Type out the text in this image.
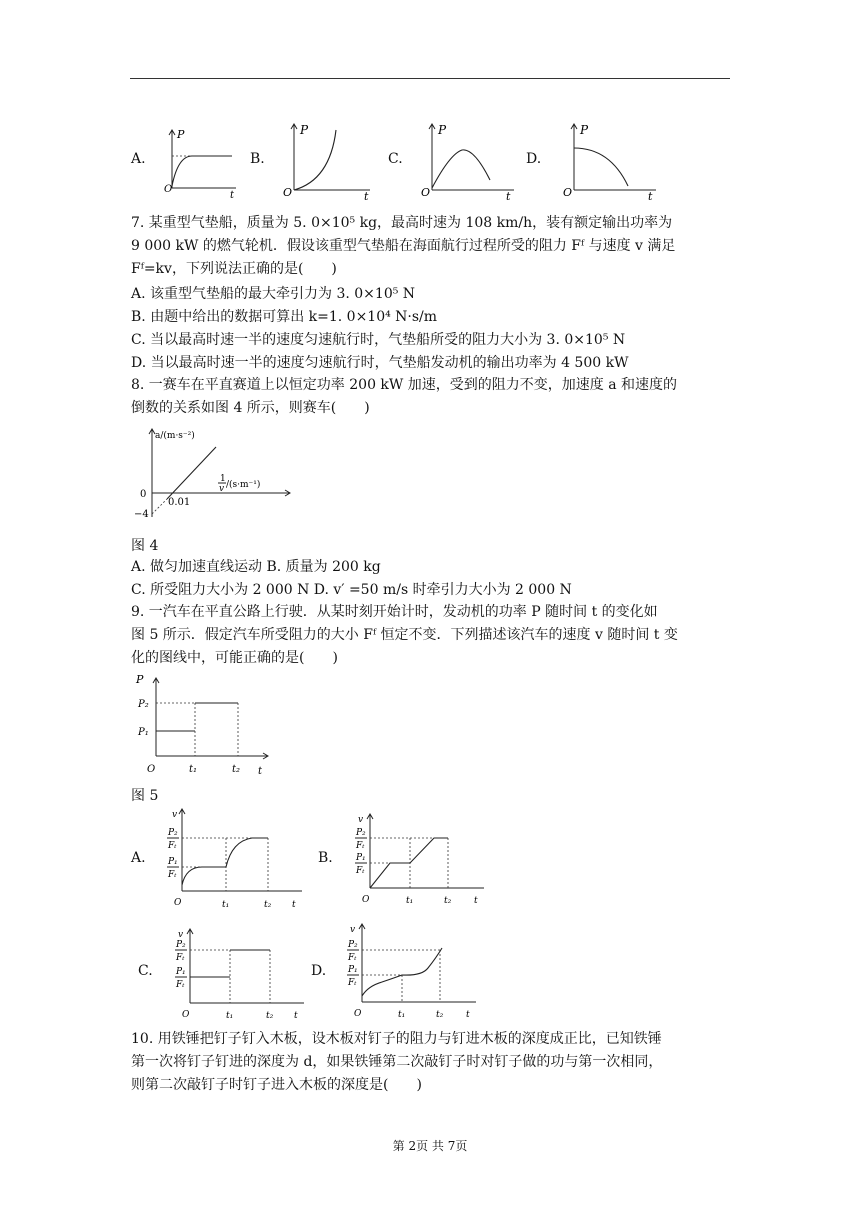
A.
P
O
t
B.
P
O	t
C.
P
O	t
D.
P
O	t
7. 某重型气垫船，质量为 5. 0×10⁵ kg，最高时速为 108 km/h，装有额定输出功率为
9 000 kW 的燃气轮机．假设该重型气垫船在海面航行过程所受的阻力 Fᶠ 与速度 v 满足
Fᶠ=kv，下列说法正确的是(　　)
A. 该重型气垫船的最大牵引力为 3. 0×10⁵ N
B. 由题中给出的数据可算出 k=1. 0×10⁴ N·s/m
C. 当以最高时速一半的速度匀速航行时，气垫船所受的阻力大小为 3. 0×10⁵ N
D. 当以最高时速一半的速度匀速航行时，气垫船发动机的输出功率为 4 500 kW
8. 一赛车在平直赛道上以恒定功率 200 kW 加速，受到的阻力不变，加速度 a 和速度的
倒数的关系如图 4 所示，则赛车(　　)
a/(m·s⁻²)
0
−4
0.01
1
v /(s·m⁻¹)
图 4
A. 做匀加速直线运动 B. 质量为 200 kg
C. 所受阻力大小为 2 000 N D. v′ =50 m/s 时牵引力大小为 2 000 N
9. 一汽车在平直公路上行驶．从某时刻开始计时，发动机的功率 P 随时间 t 的变化如
图 5 所示．假定汽车所受阻力的大小 Fᶠ 恒定不变．下列描述该汽车的速度 v 随时间 t 变
化的图线中，可能正确的是(　　)
P
P₂
P₁
O	t₁	t₂ t
图 5
A.
v
P₂
Fₜ
P₁
Fₜ
O	t₁	t₂ t
B.
v
P₂
Fₜ
P₁
Fₜ
O	t₁	t₂	t
C.
v
P₂
Fₜ
P₁
Fₜ
O	t₁	t₂ t
D.
v
P₂
Fₜ
P₁
Fₜ
O	t₁	t₂	t
10. 用铁锤把钉子钉入木板，设木板对钉子的阻力与钉进木板的深度成正比，已知铁锤
第一次将钉子钉进的深度为 d，如果铁锤第二次敲钉子时对钉子做的功与第一次相同，
则第二次敲钉子时钉子进入木板的深度是(　　)
第 2页 共 7页
